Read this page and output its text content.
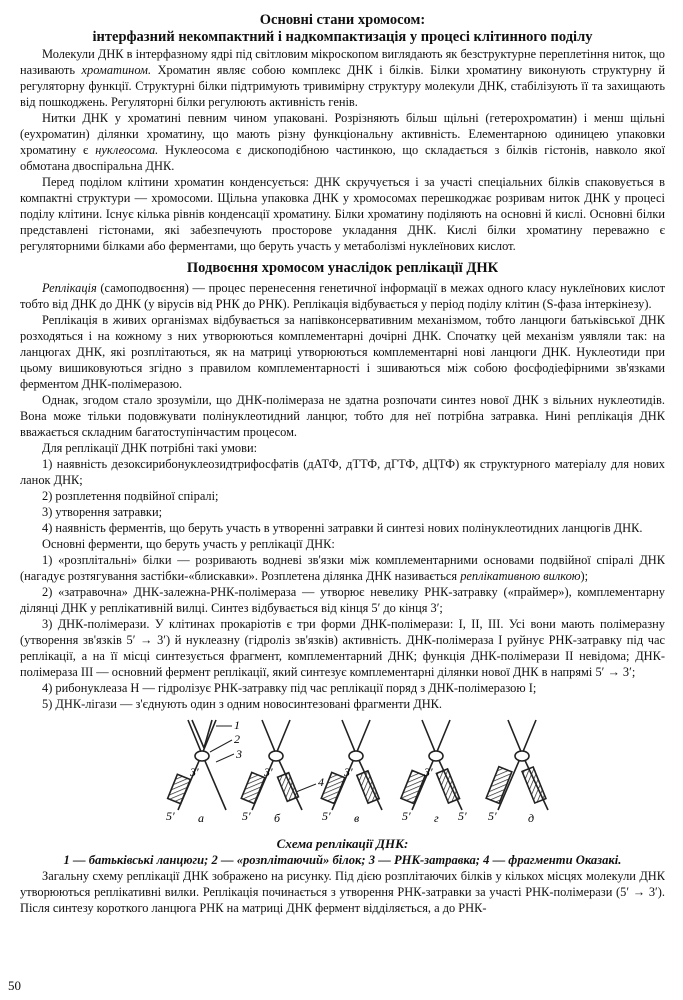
Основні стани хромосом:
інтерфазний некомпактний і надкомпактизація у процесі клітинного поділу

Молекули ДНК в інтерфазному ядрі під світловим мікроскопом виглядають як безструктурне переплетіння ниток, що називають хроматином. Хроматин являє собою комплекс ДНК і білків. Білки хроматину виконують структурну й регуляторну функції. Структурні білки підтримують тривимірну структуру молекули ДНК, стабілізують її та захищають від пошкоджень. Регуляторні білки регулюють активність генів.

Нитки ДНК у хроматині певним чином упаковані. Розрізняють більш щільні (гетерохроматин) і менш щільні (еухроматин) ділянки хроматину, що мають різну функціональну активність. Елементарною одиницею упаковки хроматину є нуклеосома. Нуклеосома є дископодібною частинкою, що складається з білків гістонів, навколо якої обмотана двоспіральна ДНК.

Перед поділом клітини хроматин конденсується: ДНК скручується і за участі спеціальних білків спаковується в компактні структури — хромосоми. Щільна упаковка ДНК у хромосомах перешкоджає розривам ниток ДНК у процесі поділу клітини. Існує кілька рівнів конденсації хроматину. Білки хроматину поділяють на основні й кислі. Основні білки представлені гістонами, які забезпечують просторове укладання ДНК. Кислі білки хроматину переважно є регуляторними білками або ферментами, що беруть участь у метаболізмі нуклеїнових кислот.

Подвоєння хромосом унаслідок реплікації ДНК

Реплікація (самоподвоєння) — процес перенесення генетичної інформації в межах одного класу нуклеїнових кислот тобто від ДНК до ДНК (у вірусів від РНК до РНК). Реплікація відбувається у період поділу клітин (S-фаза інтеркінезу).

Реплікація в живих організмах відбувається за напівконсервативним механізмом, тобто ланцюги батьківської ДНК розходяться і на кожному з них утворюються комплементарні дочірні ДНК. Спочатку цей механізм уявляли так: на ланцюгах ДНК, які розплітаються, як на матриці утворюються комплементарні нові ланцюги ДНК. Нуклеотиди при цьому вишиковуються згідно з правилом комплементарності і зшиваються між собою фосфодіефірними зв'язками ферментом ДНК-полімеразою.

Однак, згодом стало зрозуміли, що ДНК-полімераза не здатна розпочати синтез нової ДНК з вільних нуклеотидів. Вона може тільки подовжувати полінуклеотидний ланцюг, тобто для неї потрібна затравка. Нині реплікація ДНК вважається складним багатоступінчастим процесом.

Для реплікації ДНК потрібні такі умови:

1) наявність дезоксирибонуклеозидтрифосфатів (дАТФ, дТТФ, дГТФ, дЦТФ) як структурного матеріалу для нових ланок ДНК;

2) розплетення подвійної спіралі;

3) утворення затравки;

4) наявність ферментів, що беруть участь в утворенні затравки й синтезі нових полінуклеотидних ланцюгів ДНК.

Основні ферменти, що беруть участь у реплікації ДНК:

1) «розплітальні» білки — розривають водневі зв'язки між комплементарними основами подвійної спіралі ДНК (нагадує розтягування застібки-«блискавки». Розплетена ділянка ДНК називається реплікативною вилкою);

2) «затравочна» ДНК-залежна-РНК-полімераза — утворює невелику РНК-затравку («праймер»), комплементарну ділянці ДНК у реплікативній вилці. Синтез відбувається від кінця 5′ до кінця 3′;

3) ДНК-полімерази. У клітинах прокаріотів є три форми ДНК-полімерази: І, ІІ, ІІІ. Усі вони мають полімеразну (утворення зв'язків 5′ → 3′) й нуклеазну (гідроліз зв'язків) активність. ДНК-полімераза І руйнує РНК-затравку під час реплікації, а на її місці синтезується фрагмент, комплементарний ДНК; функція ДНК-полімерази ІІ невідома; ДНК-полімераза ІІІ — основний фермент реплікації, який синтезує комплементарні ділянки нової ДНК в напрямі 5′ → 3′;

4) рибонуклеаза Н — гідролізує РНК-затравку під час реплікації поряд з ДНК-полімеразою І;

5) ДНК-лігази — з'єднують один з одним новосинтезовані фрагменти ДНК.

1
2
3
4
5′
3′
5′
3′
5′
3′
5′	5′
3′
5′
а	б	в	г	д
Схема реплікації ДНК:
1 — батьківські ланцюги; 2 — «розплітаючий» білок; 3 — РНК-затравка; 4 — фрагменти Оказакі.

Загальну схему реплікації ДНК зображено на рисунку. Під дією розплітаючих білків у кількох місцях молекули ДНК утворюються реплікативні вилки. Реплікація починається з утворення РНК-затравки за участі РНК-полімерази (5′ → 3′). Після синтезу короткого ланцюга РНК на матриці ДНК фермент відділяється, а до РНК-

50
